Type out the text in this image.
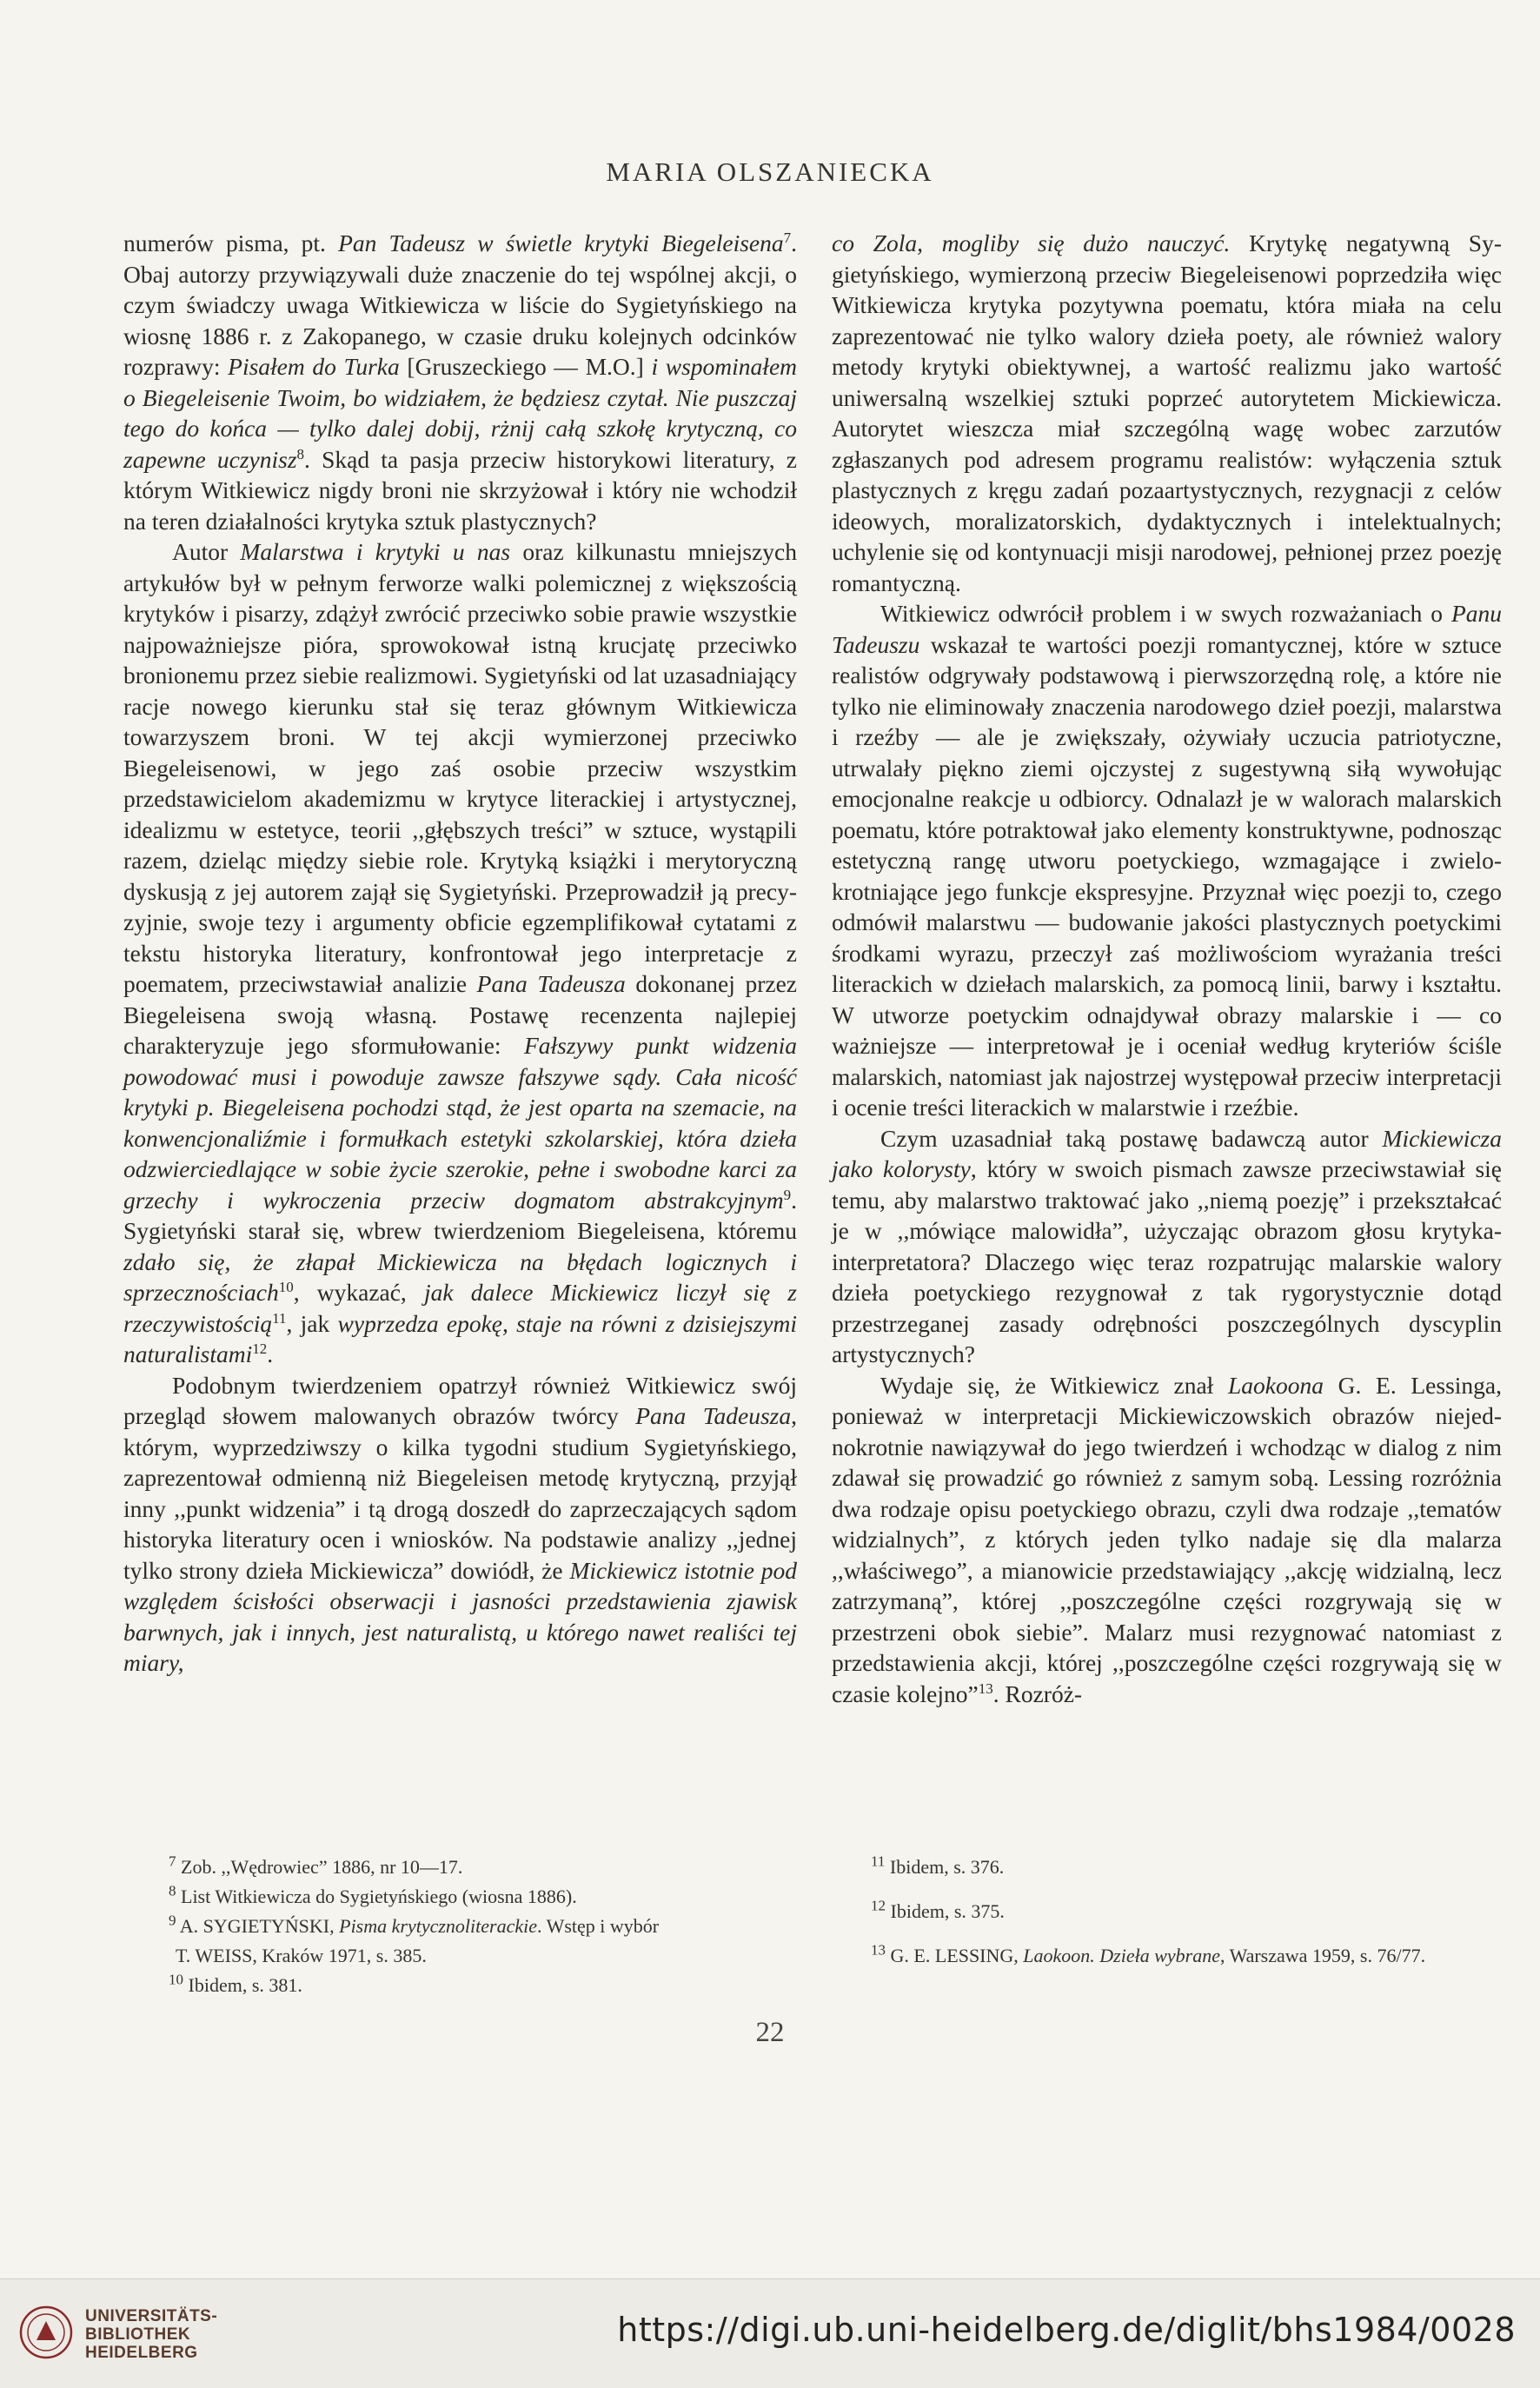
MARIA OLSZANIECKA

numerów pisma, pt. Pan Tadeusz w świetle krytyki Biegeleisena$^7$. Obaj autorzy przywiązywali duże znaczenie do tej wspólnej akcji, o czym świadczy uwaga Witkiewicza w liście do Sygietyńskiego na wiosnę 1886 r. z Zakopanego, w czasie druku kolejnych odcinków rozprawy: Pisałem do Turka [Gruszeckiego — M.O.] i wspominałem o Biegeleisenie Twoim, bo widziałem, że będziesz czytał. Nie puszczaj tego do końca — tylko dalej dobij, rżnij całą szkołę krytyczną, co zapewne uczynisz$^8$. Skąd ta pasja przeciw historykowi literatury, z którym Witkiewicz nigdy broni nie skrzyżował i który nie wchodził na teren działalności krytyka sztuk plastycznych?

Autor Malarstwa i krytyki u nas oraz kilkunastu mniejszych artykułów był w pełnym ferworze walki polemicznej z większością krytyków i pisarzy, zdążył zwrócić przeciwko sobie prawie wszystkie najpoważniejsze pióra, sprowokował istną krucjatę przeciwko bronionemu przez siebie realizmowi. Sygietyński od lat uzasadniający racje nowego kierunku stał się teraz głównym Witkiewicza towarzyszem broni. W tej akcji wymierzonej przeciwko Biegeleisenowi, w jego zaś osobie przeciw wszystkim przedstawicielom akademizmu w krytyce literackiej i artystycznej, idealizmu w estetyce, teorii ,,głębszych treści” w sztuce, wystąpili razem, dzieląc między siebie role. Krytyką książki i merytoryczną dyskusją z jej autorem zajął się Sygietyński. Przeprowadził ją precyzyjnie, swoje tezy i argumenty obficie egzemplifikował cytatami z tekstu historyka literatury, konfrontował jego interpretacje z poematem, przeciwstawiał analizie Pana Tadeusza dokonanej przez Biegeleisena swoją własną. Postawę recenzenta najlepiej charakteryzuje jego sformułowanie: Fałszywy punkt widzenia powodować musi i powoduje zawsze fałszywe sądy. Cała nicość krytyki p. Biegeleisena pochodzi stąd, że jest oparta na szemacie, na konwencjonaliźmie i formułkach estetyki szkolarskiej, która dzieła odzwierciedlające w sobie życie szerokie, pełne i swobodne karci za grzechy i wykroczenia przeciw dogmatom abstrakcyjnym$^9$. Sygietyński starał się, wbrew twierdzeniom Biegeleisena, któremu zdało się, że złapał Mickiewicza na błędach logicznych i sprzecznościach$^{10}$, wykazać, jak dalece Mickiewicz liczył się z rzeczywistością$^{11}$, jak wyprzedza epokę, staje na równi z dzisiejszymi naturalistami$^{12}$.

Podobnym twierdzeniem opatrzył również Witkiewicz swój przegląd słowem malowanych obrazów twórcy Pana Tadeusza, którym, wyprzedziwszy o kilka tygodni studium Sygietyńskiego, zaprezentował odmienną niż Biegeleisen metodę krytyczną, przyjął inny ,,punkt widzenia” i tą drogą doszedł do zaprzeczających sądom historyka literatury ocen i wniosków. Na podstawie analizy ,,jednej tylko strony dzieła Mickiewicza” dowiódł, że Mickiewicz istotnie pod względem ścisłości obserwacji i jasności przedstawienia zjawisk barwnych, jak i innych, jest naturalistą, u którego nawet realiści tej miary,

co Zola, mogliby się dużo nauczyć. Krytykę negatywną Sygietyńskiego, wymierzoną przeciw Biegeleisenowi poprzedziła więc Witkiewicza krytyka pozytywna poematu, która miała na celu zaprezentować nie tylko walory dzieła poety, ale również walory metody krytyki obiektywnej, a wartość realizmu jako wartość uniwersalną wszelkiej sztuki poprzeć autorytetem Mickiewicza. Autorytet wieszcza miał szczególną wagę wobec zarzutów zgłaszanych pod adresem programu realistów: wyłączenia sztuk plastycznych z kręgu zadań pozaartystycznych, rezygnacji z celów ideowych, moralizatorskich, dydaktycznych i intelektualnych; uchylenie się od kontynuacji misji narodowej, pełnionej przez poezję romantyczną.

Witkiewicz odwrócił problem i w swych rozważaniach o Panu Tadeuszu wskazał te wartości poezji romantycznej, które w sztuce realistów odgrywały podstawową i pierwszorzędną rolę, a które nie tylko nie eliminowały znaczenia narodowego dzieł poezji, malarstwa i rzeźby — ale je zwiększały, ożywiały uczucia patriotyczne, utrwalały piękno ziemi ojczystej z sugestywną siłą wywołując emocjonalne reakcje u odbiorcy. Odnalazł je w walorach malarskich poematu, które potraktował jako elementy konstruktywne, podnosząc estetyczną rangę utworu poetyckiego, wzmagające i zwielokrotniające jego funkcje ekspresyjne. Przyznał więc poezji to, czego odmówił malarstwu — budowanie jakości plastycznych poetyckimi środkami wyrazu, przeczył zaś możliwościom wyrażania treści literackich w dziełach malarskich, za pomocą linii, barwy i kształtu. W utworze poetyckim odnajdywał obrazy malarskie i — co ważniejsze — interpretował je i oceniał według kryteriów ściśle malarskich, natomiast jak najostrzej występował przeciw interpretacji i ocenie treści literackich w malarstwie i rzeźbie.

Czym uzasadniał taką postawę badawczą autor Mickiewicza jako kolorysty, który w swoich pismach zawsze przeciwstawiał się temu, aby malarstwo traktować jako ,,niemą poezję” i przekształcać je w ,,mówiące malowidła”, użyczając obrazom głosu krytyka-interpretatora? Dlaczego więc teraz rozpatrując malarskie walory dzieła poetyckiego rezygnował z tak rygorystycznie dotąd przestrzeganej zasady odrębności poszczególnych dyscyplin artystycznych?

Wydaje się, że Witkiewicz znał Laokoona G. E. Lessinga, ponieważ w interpretacji Mickiewiczowskich obrazów niejednokrotnie nawiązywał do jego twierdzeń i wchodząc w dialog z nim zdawał się prowadzić go również z samym sobą. Lessing rozróżnia dwa rodzaje opisu poetyckiego obrazu, czyli dwa rodzaje ,,tematów widzialnych”, z których jeden tylko nadaje się dla malarza ,,właściwego”, a mianowicie przedstawiający ,,akcję widzialną, lecz zatrzymaną”, której ,,poszczególne części rozgrywają się w przestrzeni obok siebie”. Malarz musi rezygnować natomiast z przedstawienia akcji, której ,,poszczególne części rozgrywają się w czasie kolejno”$^{13}$. Rozróż-

$^7$ Zob. ,,Wędrowiec” 1886, nr 10—17.

$^8$ List Witkiewicza do Sygietyńskiego (wiosna 1886).

$^9$ A. SYGIETYŃSKI, Pisma krytycznoliterackie. Wstęp i wybór

T. WEISS, Kraków 1971, s. 385.

$^{10}$ Ibidem, s. 381.

$^{11}$ Ibidem, s. 376.

$^{12}$ Ibidem, s. 375.

$^{13}$ G. E. LESSING, Laokoon. Dzieła wybrane, Warszawa 1959, s. 76/77.

22
UNIVERSITÄTS-
BIBLIOTHEK
HEIDELBERG
https://digi.ub.uni-heidelberg.de/diglit/bhs1984/0028
